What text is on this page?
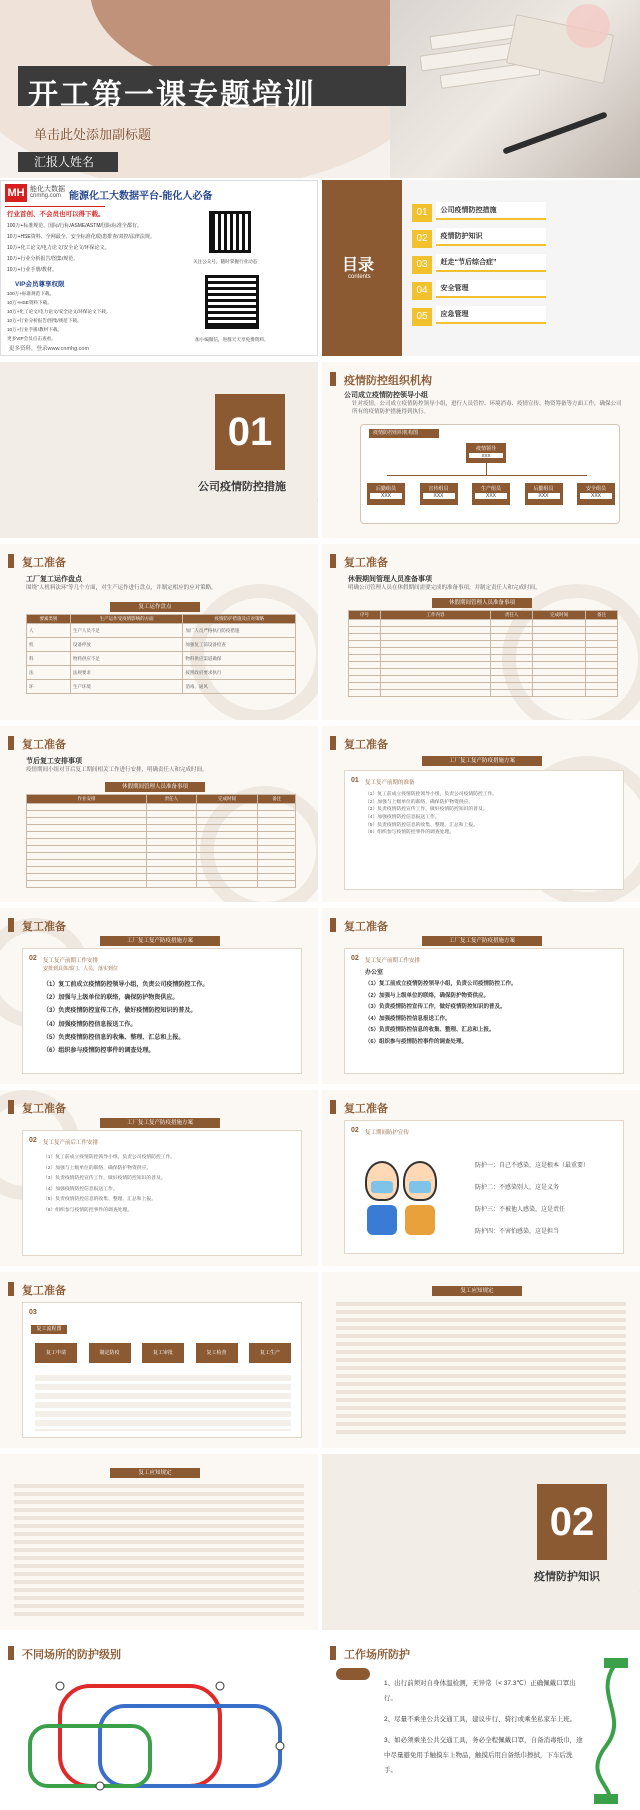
开工第一课专题培训
单击此处添加副标题
汇报人姓名
MH 能化大数据
cnmhg.com 能源化工大数据平台-能化人必备
行业首创、不会员也可以得下载。
100万+标准规范、国际/行标/ASME/ASTM/国际标准全都有。
10万+HSE资料、全网最全、安全标准化/隐患排查/双控/法律法规。
10万+化工论文/电力论文/安全论文/环保论文。
10万+行业分析报告/图集/规范。
10万+行业手册/教材。
VIP会员尊享权限
100万+标准规范下载。
10万+HSE资料下载。
10万+化工论文/电力论文/安全论文/环保论文下载。
10万+行业分析报告/图集/规范下载。
10万+行业手册/教材下载。
更多VIP会员点击查看。
更多资料，登录www.cnmhg.com
关注公众号，随时掌握行业动态
加小编微信，进群天天享免费资料。
目录
contents
01 公司疫情防控措施
02 疫情防护知识
03 赶走“节后综合症”
04 安全管理
05 应急管理
01
公司疫情防控措施
疫情防控组织机构
公司成立疫情防控领导小组
针对疫情，公司成立疫情防控领导小组，进行人员管控、环境消毒、疫情宣传、物资筹备等方面工作，确保公司所有的疫情防护措施得到执行。
疫情防控组织机构图
疫情领导
XXX
后勤组员
XXX
宣传组员
XXX
生产组员
XXX
后勤组员
XXX
安全组员
XXX
复工准备
工厂复工运作盘点
围绕“人机料法环”等几个方面，对生产运作进行盘点，并制定相应的应对策略。
复工运作盘点
要素类别	生产运作受疫情影响的方面	疫情防护措施及应对策略
人	生产人员不足	加厂人员严格执行防疫措施
机	设备停放	加强复工前设备检查
料	物料供应不足	物料供应渠道确保
法	法规要求	按照政府要求执行
环	生产环境	消毒、通风
复工准备
休假期间管理人员准备事项
明确公司管理人员在休假期间需要完成的准备事项，并制定责任人和完成时间。
休假期间管理人员准备事项
序号	工作内容	责任人	完成时间	备注

复工准备
节后复工安排事项
疫情期间小组对节后复工期间相关工作进行安排，明确责任人和完成时间。
休假期间管理人员准备事项
作业安排	责任人	完成时间	备注

复工准备
工厂复工复产防疫措施方案
01 复工复产前期的准备
（1）复工前成立疫情防控领导小组，负责公司疫情防控工作。
（2）加强与上级单位的联络，确保防护物资供应。
（3）负责疫情防控宣传工作，做好疫情防控知识的普及。
（4）加强疫情防控信息报送工作。
（5）负责疫情防控信息的收集、整理、汇总和上报。
（6）组织参与疫情防控事件的调查处理。
复工准备
工厂复工复产防疫措施方案
02 复工复产前期工作安排
安排到具体部门、人员，落实到位
（1）复工前成立疫情防控领导小组，负责公司疫情防控工作。
（2）加强与上级单位的联络，确保防护物资供应。
（3）负责疫情防控宣传工作，做好疫情防控知识的普及。
（4）加强疫情防控信息报送工作。
（5）负责疫情防控信息的收集、整理、汇总和上报。
（6）组织参与疫情防控事件的调查处理。
复工准备
工厂复工复产防疫措施方案
02 复工复产前期工作安排
办公室
（1）复工前成立疫情防控领导小组，负责公司疫情防控工作。
（2）加强与上级单位的联络，确保防护物资供应。
（3）负责疫情防控宣传工作，做好疫情防控知识的普及。
（4）加强疫情防控信息报送工作。
（5）负责疫情防控信息的收集、整理、汇总和上报。
（6）组织参与疫情防控事件的调查处理。
复工准备
工厂复工复产防疫措施方案
02 复工复产前后工作安排
（1）复工前成立疫情防控领导小组，负责公司疫情防控工作。
（2）加强与上级单位的联络，确保防护物资供应。
（3）负责疫情防控宣传工作，做好疫情防控知识的普及。
（4）加强疫情防控信息报送工作。
（5）负责疫情防控信息的收集、整理、汇总和上报。
（6）组织参与疫情防控事件的调查处理。
复工准备
02 复工期间防护宣传
防护一：自己不感染，这是根本（最重要）
防护二：不感染别人，这是义务
防护三：不被他人感染，这是责任
防护四：不害怕感染，这是担当
复工准备
03
复工流程图
复工申请	制定防疫	复工审批	复工检查	复工生产
复工应知规定
复工应知规定
02
疫情防护知识
不同场所的防护级别	工作场所防护
1、出行前须对自身体温检测，无异常（< 37.3℃）正确佩戴口罩出行。
2、尽量不乘坐公共交通工具，建议步行、骑行或乘坐私家车上班。
3、如必须乘坐公共交通工具，务必全程佩戴口罩，自备消毒纸巾，途中尽量避免用手触摸车上物品，触摸后用自备纸巾擦拭，下车后洗手。
